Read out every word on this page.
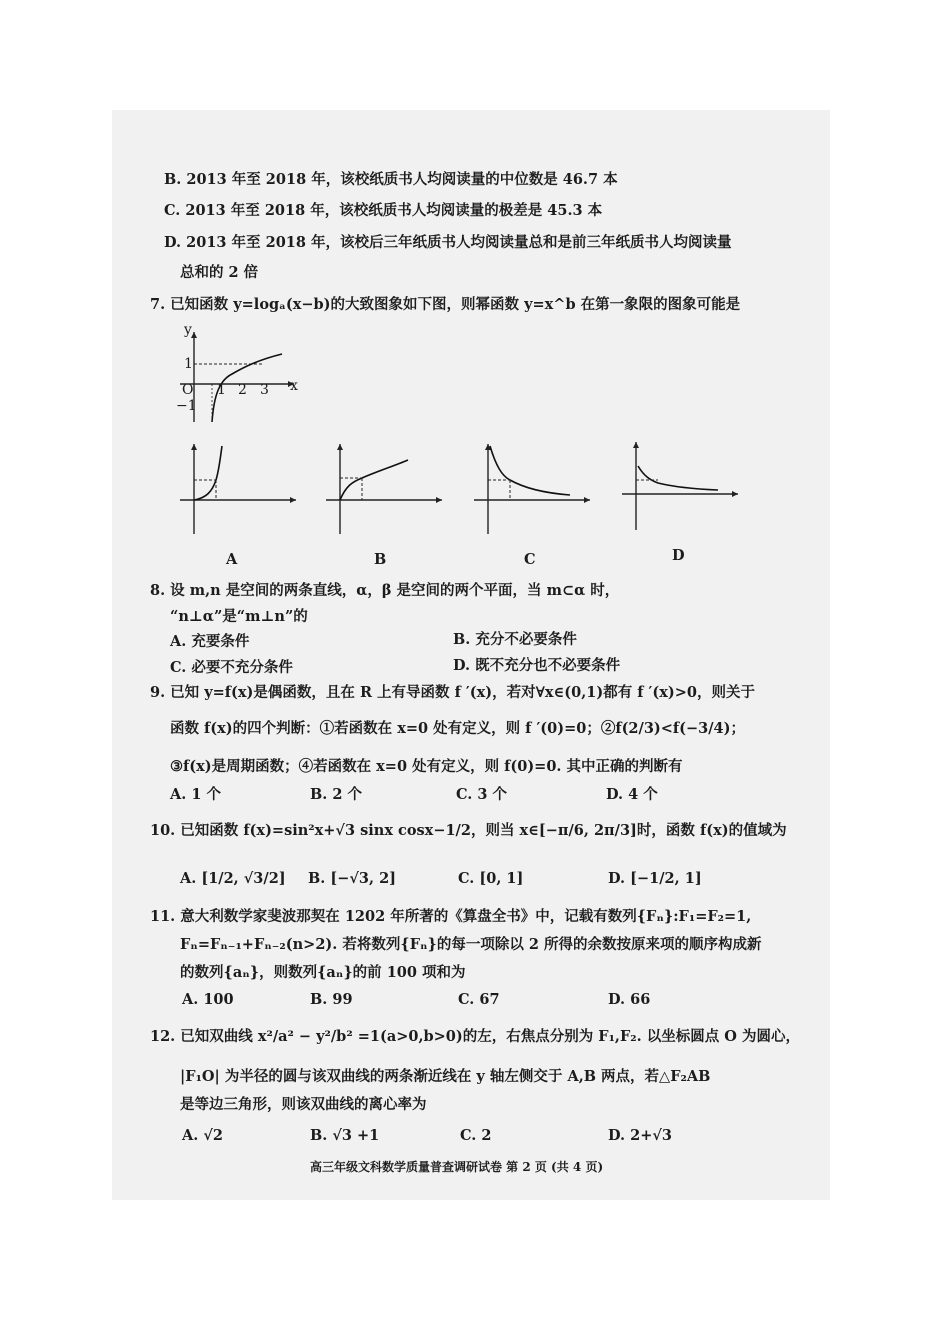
B. 2013 年至 2018 年，该校纸质书人均阅读量的中位数是 46.7 本
C. 2013 年至 2018 年，该校纸质书人均阅读量的极差是 45.3 本
D. 2013 年至 2018 年，该校后三年纸质书人均阅读量总和是前三年纸质书人均阅读量
总和的 2 倍
7. 已知函数 y=logₐ(x−b)的大致图象如下图，则幂函数 y=x^b 在第一象限的图象可能是
y
x
O
1
−1
1 2 3
A	B	C	D
8. 设 m,n 是空间的两条直线，α，β 是空间的两个平面，当 m⊂α 时，
“n⊥α”是“m⊥n”的
A. 充要条件	B. 充分不必要条件
C. 必要不充分条件	D. 既不充分也不必要条件
9. 已知 y=f(x)是偶函数，且在 R 上有导函数 f ′(x)，若对∀x∈(0,1)都有 f ′(x)>0，则关于
函数 f(x)的四个判断：①若函数在 x=0 处有定义，则 f ′(0)=0；②f(2/3)<f(−3/4)；
③f(x)是周期函数；④若函数在 x=0 处有定义，则 f(0)=0. 其中正确的判断有
A. 1 个	B. 2 个	C. 3 个	D. 4 个
10. 已知函数 f(x)=sin²x+√3 sinx cosx−1/2，则当 x∈[−π/6, 2π/3]时，函数 f(x)的值域为
A. [1/2, √3/2] B. [−√3, 2]	C. [0, 1]	D. [−1/2, 1]
11. 意大利数学家斐波那契在 1202 年所著的《算盘全书》中，记载有数列{Fₙ}:F₁=F₂=1,
Fₙ=Fₙ₋₁+Fₙ₋₂(n>2). 若将数列{Fₙ}的每一项除以 2 所得的余数按原来项的顺序构成新
的数列{aₙ}，则数列{aₙ}的前 100 项和为
A. 100	B. 99	C. 67	D. 66
12. 已知双曲线 x²/a² − y²/b² =1(a>0,b>0)的左，右焦点分别为 F₁,F₂. 以坐标圆点 O 为圆心，
|F₁O| 为半径的圆与该双曲线的两条渐近线在 y 轴左侧交于 A,B 两点，若△F₂AB
是等边三角形，则该双曲线的离心率为
A. √2	B. √3 +1	C. 2	D. 2+√3
高三年级文科数学质量普查调研试卷 第 2 页 (共 4 页)
